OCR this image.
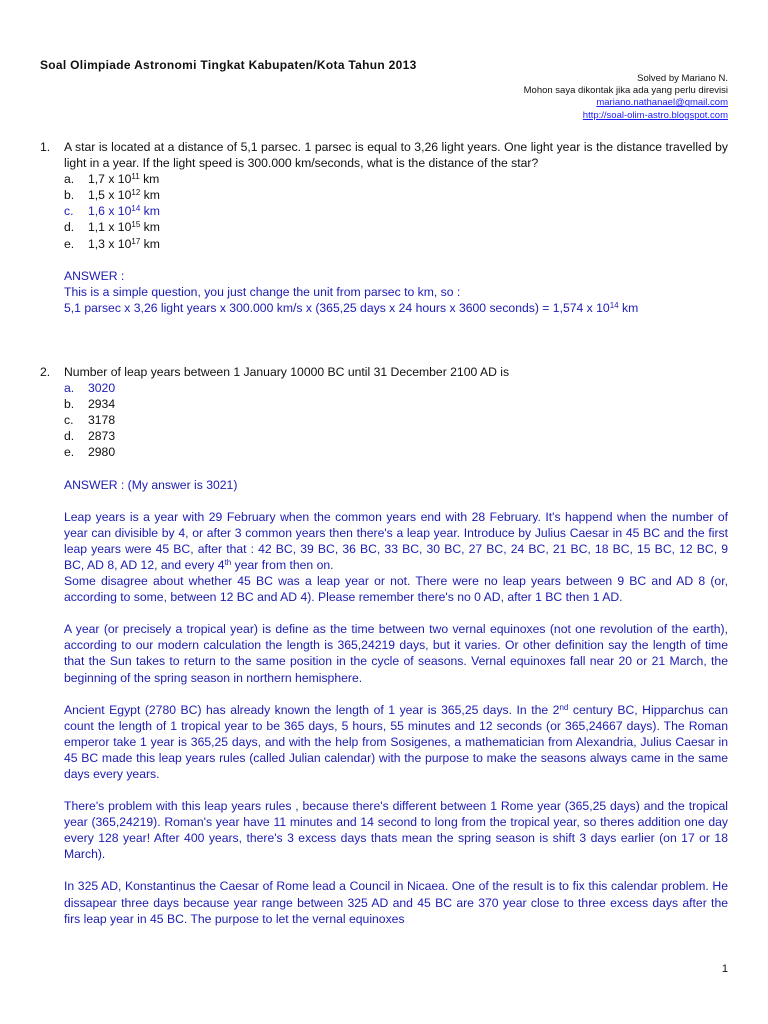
Soal Olimpiade Astronomi Tingkat Kabupaten/Kota Tahun 2013
Solved by Mariano N.
Mohon saya dikontak jika ada yang perlu direvisi
mariano.nathanael@gmail.com
http://soal-olim-astro.blogspot.com
1. A star is located at a distance of 5,1 parsec. 1 parsec is equal to 3,26 light years. One light year is the distance travelled by light in a year. If the light speed is 300.000 km/seconds, what is the distance of the star?
a.	1,7 x $10^{11}$ km
b.	1,5 x $10^{12}$ km
c.	1,6 x $10^{14}$ km
d.	1,1 x $10^{15}$ km
e.	1,3 x $10^{17}$ km
ANSWER :
This is a simple question, you just change the unit from parsec to km, so :
5,1 parsec x 3,26 light years x 300.000 km/s x (365,25 days x 24 hours x 3600 seconds) = 1,574 x $10^{14}$ km
2. Number of leap years between 1 January 10000 BC until 31 December 2100 AD is
a.	3020
b.	2934
c.	3178
d.	2873
e.	2980
ANSWER : (My answer is 3021)
Leap years is a year with 29 February when the common years end with 28 February. It's happend when the number of year can divisible by 4, or after 3 common years then there's a leap year. Introduce by Julius Caesar in 45 BC and the first leap years were 45 BC, after that : 42 BC, 39 BC, 36 BC, 33 BC, 30 BC, 27 BC, 24 BC, 21 BC, 18 BC, 15 BC, 12 BC, 9 BC, AD 8, AD 12, and every 4th year from then on.
Some disagree about whether 45 BC was a leap year or not. There were no leap years between 9 BC and AD 8 (or, according to some, between 12 BC and AD 4). Please remember there's no 0 AD, after 1 BC then 1 AD.
A year (or precisely a tropical year) is define as the time between two vernal equinoxes (not one revolution of the earth), according to our modern calculation the length is 365,24219 days, but it varies. Or other definition say the length of time that the Sun takes to return to the same position in the cycle of seasons. Vernal equinoxes fall near 20 or 21 March, the beginning of the spring season in northern hemisphere.
Ancient Egypt (2780 BC) has already known the length of 1 year is 365,25 days. In the 2nd century BC, Hipparchus can count the length of 1 tropical year to be 365 days, 5 hours, 55 minutes and 12 seconds (or 365,24667 days). The Roman emperor take 1 year is 365,25 days, and with the help from Sosigenes, a mathematician from Alexandria, Julius Caesar in 45 BC made this leap years rules (called Julian calendar) with the purpose to make the seasons always came in the same days every years.
There's problem with this leap years rules , because there's different between 1 Rome year (365,25 days) and the tropical year (365,24219). Roman's year have 11 minutes and 14 second to long from the tropical year, so theres addition one day every 128 year! After 400 years, there's 3 excess days thats mean the spring season is shift 3 days earlier (on 17 or 18 March).
In 325 AD, Konstantinus the Caesar of Rome lead a Council in Nicaea. One of the result is to fix this calendar problem. He dissapear three days because year range between 325 AD and 45 BC are 370 year close to three excess days after the firs leap year in 45 BC. The purpose to let the vernal equinoxes
1
